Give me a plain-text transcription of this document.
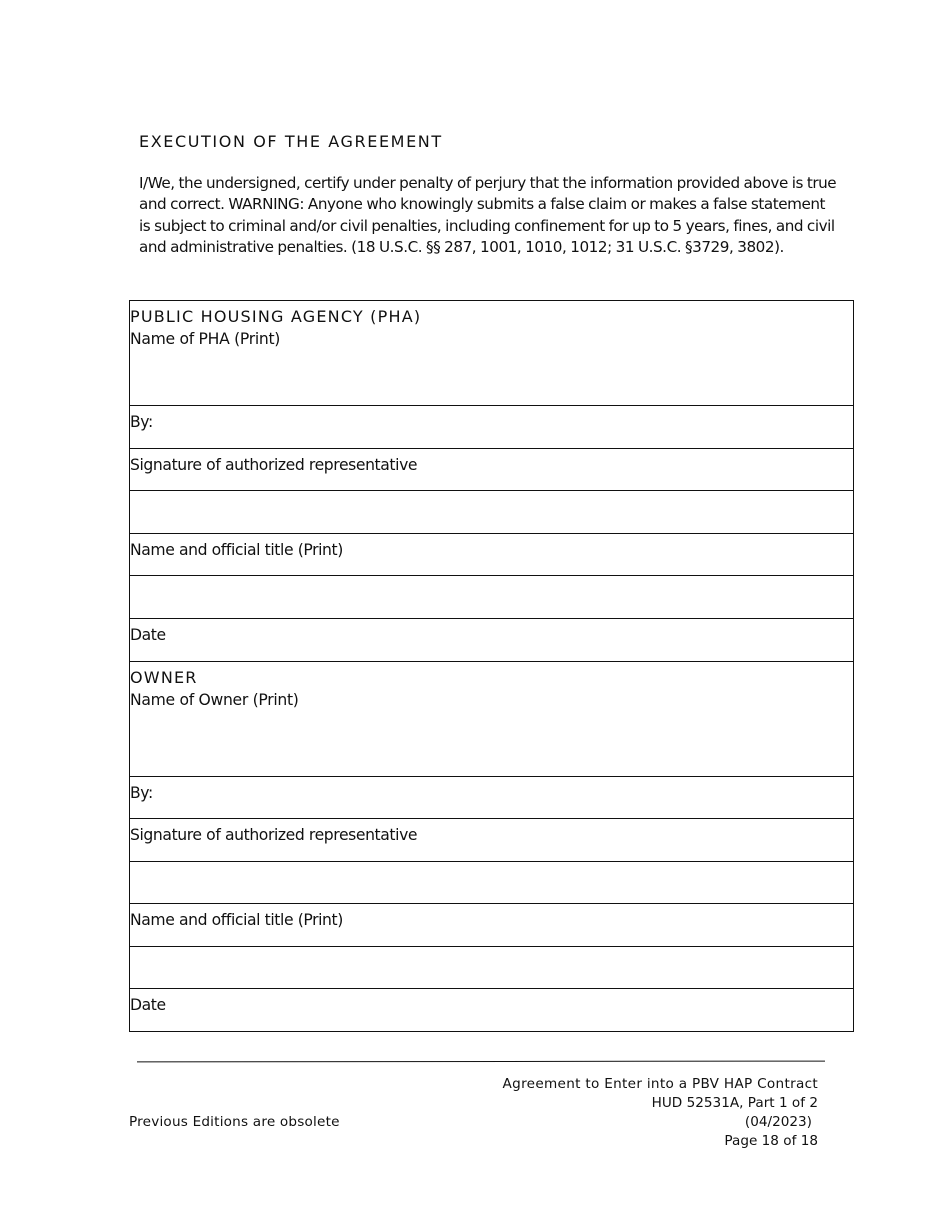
EXECUTION OF THE AGREEMENT
I/We, the undersigned, certify under penalty of perjury that the information provided above is true and correct. WARNING: Anyone who knowingly submits a false claim or makes a false statement is subject to criminal and/or civil penalties, including confinement for up to 5 years, fines, and civil and administrative penalties. (18 U.S.C. §§ 287, 1001, 1010, 1012; 31 U.S.C. §3729, 3802).
PUBLIC HOUSING AGENCY (PHA)
Name of PHA (Print)
By:
Signature of authorized representative
Name and official title (Print)
Date
OWNER
Name of Owner (Print)
By:
Signature of authorized representative
Name and official title (Print)
Date
Previous Editions are obsolete
Agreement to Enter into a PBV HAP Contract
HUD 52531A, Part 1 of 2
(04/2023)
Page 18 of 18
